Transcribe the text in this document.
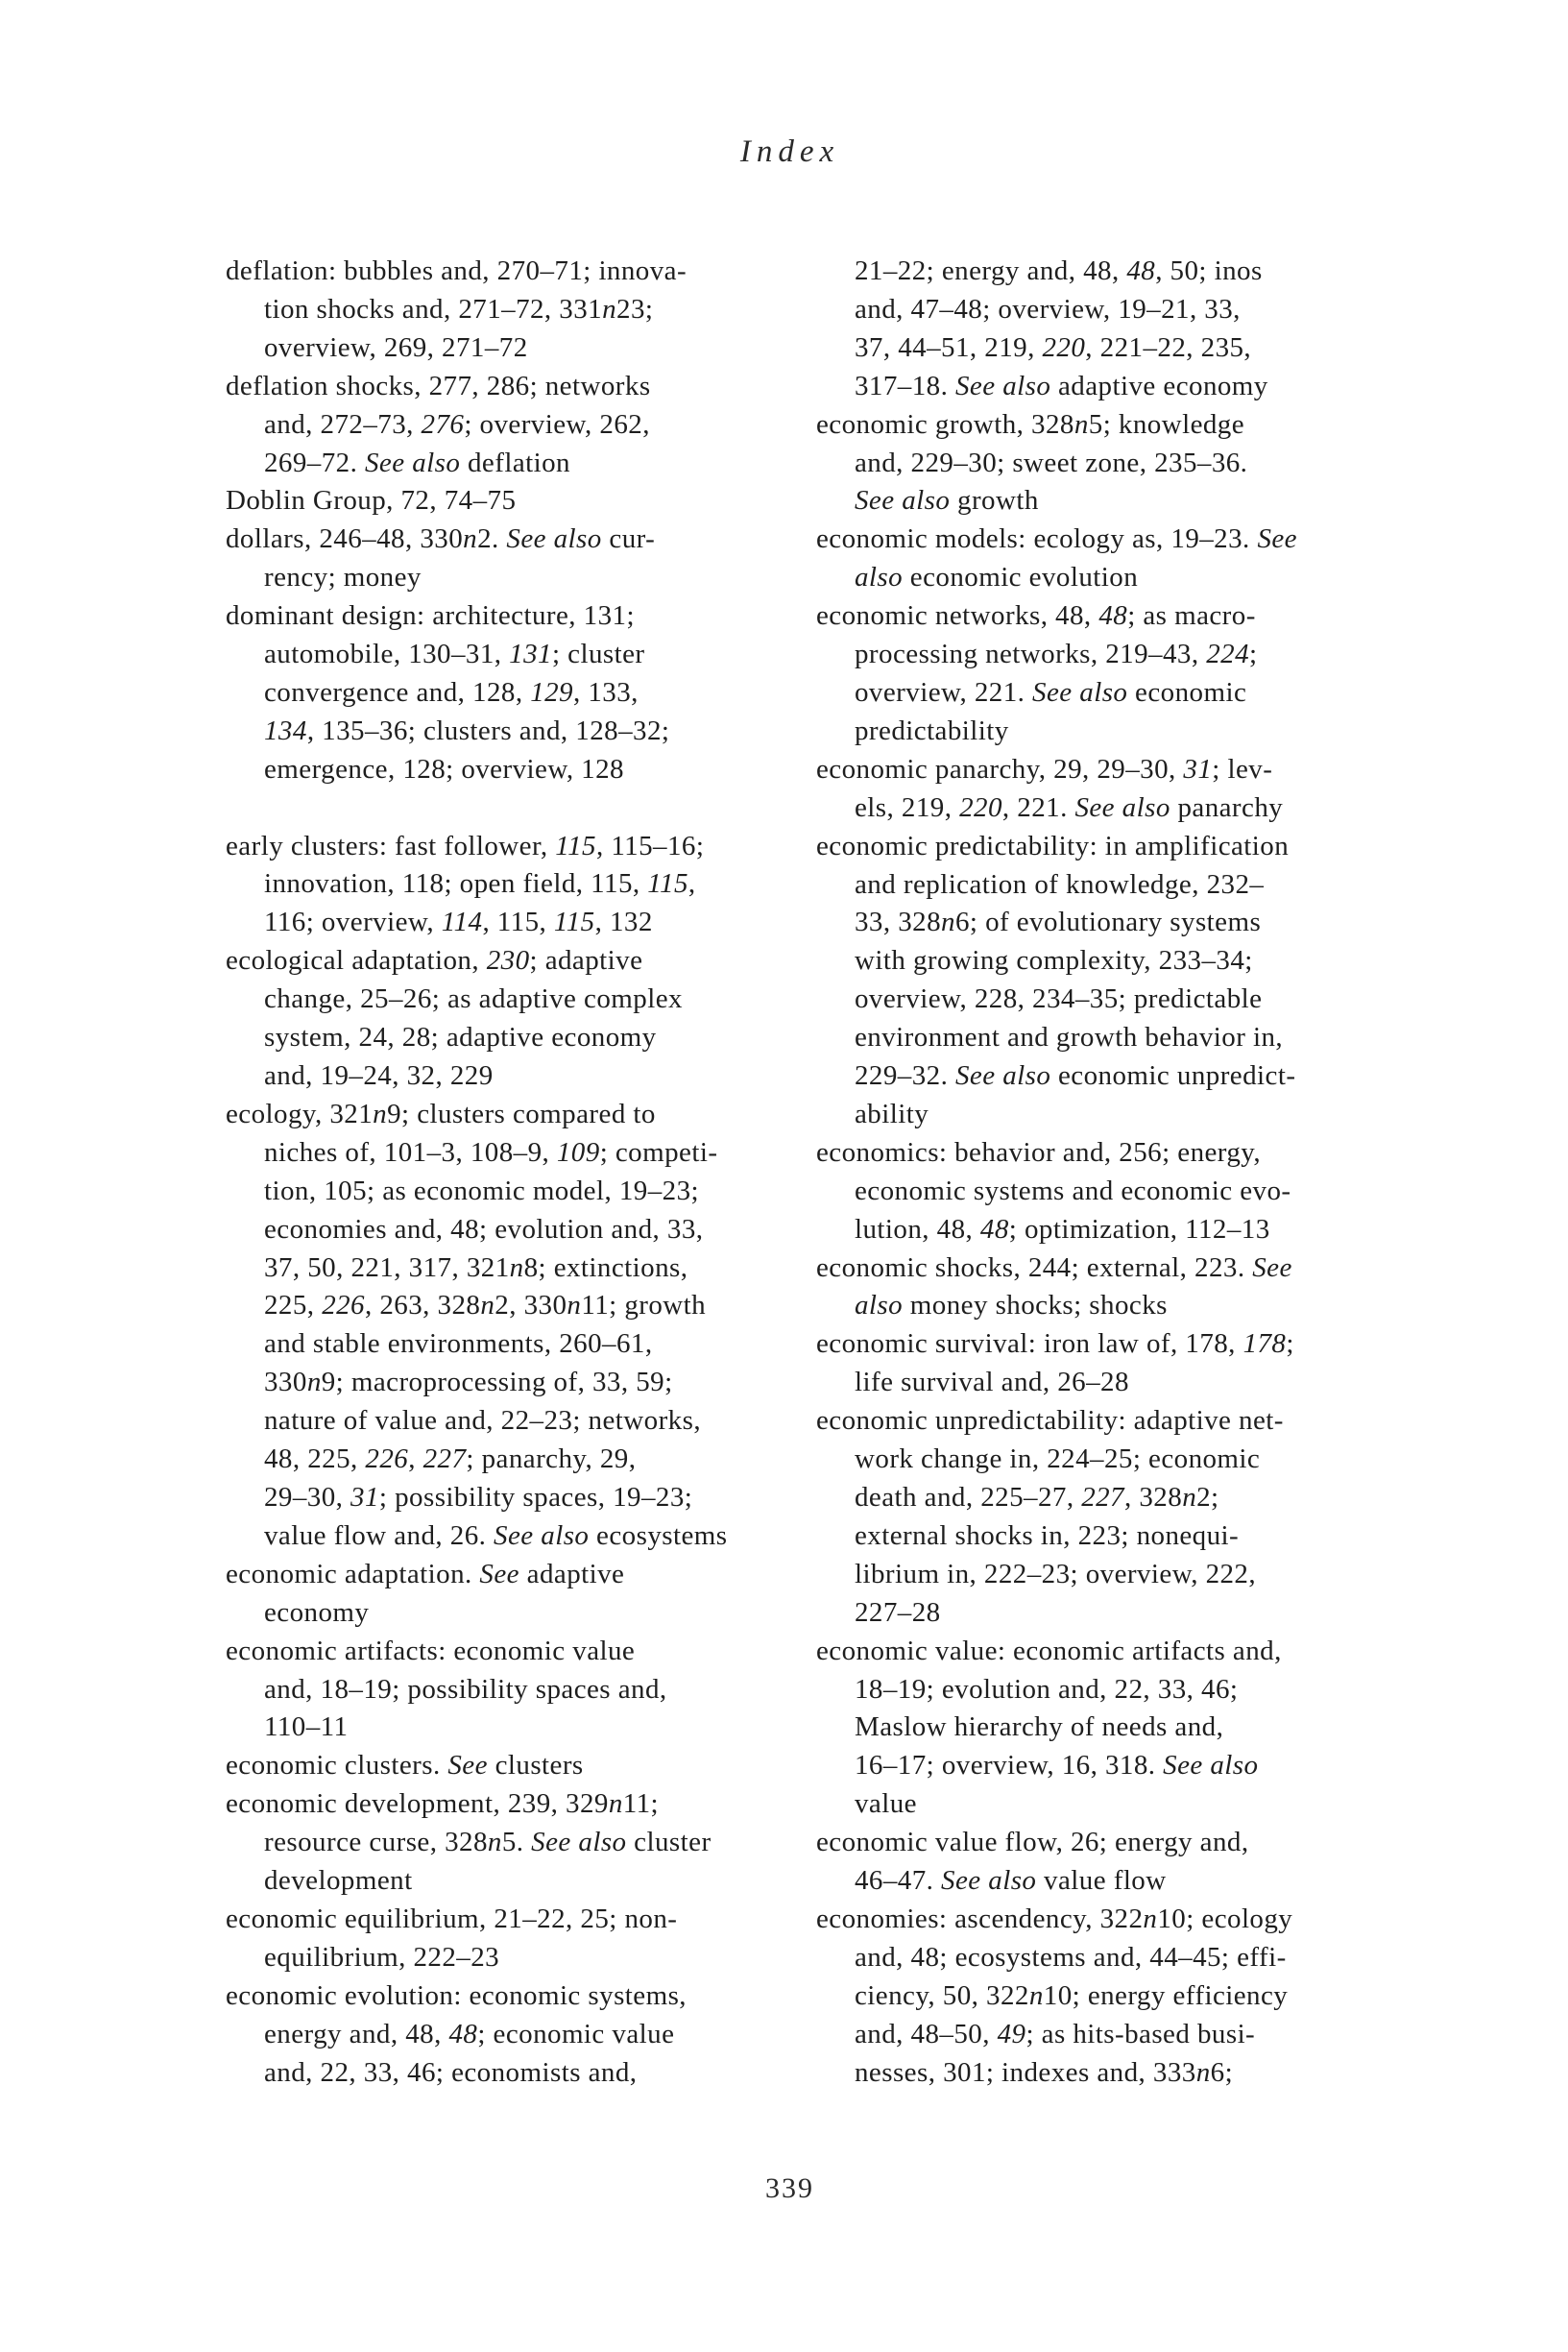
Index
deflation: bubbles and, 270–71; innova-
tion shocks and, 271–72, 331n23;
overview, 269, 271–72
deflation shocks, 277, 286; networks
and, 272–73, 276; overview, 262,
269–72. See also deflation
Doblin Group, 72, 74–75
dollars, 246–48, 330n2. See also cur-
rency; money
dominant design: architecture, 131;
automobile, 130–31, 131; cluster
convergence and, 128, 129, 133,
134, 135–36; clusters and, 128–32;
emergence, 128; overview, 128
early clusters: fast follower, 115, 115–16;
innovation, 118; open field, 115, 115,
116; overview, 114, 115, 115, 132
ecological adaptation, 230; adaptive
change, 25–26; as adaptive complex
system, 24, 28; adaptive economy
and, 19–24, 32, 229
ecology, 321n9; clusters compared to
niches of, 101–3, 108–9, 109; competi-
tion, 105; as economic model, 19–23;
economies and, 48; evolution and, 33,
37, 50, 221, 317, 321n8; extinctions,
225, 226, 263, 328n2, 330n11; growth
and stable environments, 260–61,
330n9; macroprocessing of, 33, 59;
nature of value and, 22–23; networks,
48, 225, 226, 227; panarchy, 29,
29–30, 31; possibility spaces, 19–23;
value flow and, 26. See also ecosystems
economic adaptation. See adaptive
economy
economic artifacts: economic value
and, 18–19; possibility spaces and,
110–11
economic clusters. See clusters
economic development, 239, 329n11;
resource curse, 328n5. See also cluster
development
economic equilibrium, 21–22, 25; non-
equilibrium, 222–23
economic evolution: economic systems,
energy and, 48, 48; economic value
and, 22, 33, 46; economists and,
21–22; energy and, 48, 48, 50; inos
and, 47–48; overview, 19–21, 33,
37, 44–51, 219, 220, 221–22, 235,
317–18. See also adaptive economy
economic growth, 328n5; knowledge
and, 229–30; sweet zone, 235–36.
See also growth
economic models: ecology as, 19–23. See
also economic evolution
economic networks, 48, 48; as macro-
processing networks, 219–43, 224;
overview, 221. See also economic
predictability
economic panarchy, 29, 29–30, 31; lev-
els, 219, 220, 221. See also panarchy
economic predictability: in amplification
and replication of knowledge, 232–
33, 328n6; of evolutionary systems
with growing complexity, 233–34;
overview, 228, 234–35; predictable
environment and growth behavior in,
229–32. See also economic unpredict-
ability
economics: behavior and, 256; energy,
economic systems and economic evo-
lution, 48, 48; optimization, 112–13
economic shocks, 244; external, 223. See
also money shocks; shocks
economic survival: iron law of, 178, 178;
life survival and, 26–28
economic unpredictability: adaptive net-
work change in, 224–25; economic
death and, 225–27, 227, 328n2;
external shocks in, 223; nonequi-
librium in, 222–23; overview, 222,
227–28
economic value: economic artifacts and,
18–19; evolution and, 22, 33, 46;
Maslow hierarchy of needs and,
16–17; overview, 16, 318. See also
value
economic value flow, 26; energy and,
46–47. See also value flow
economies: ascendency, 322n10; ecology
and, 48; ecosystems and, 44–45; effi-
ciency, 50, 322n10; energy efficiency
and, 48–50, 49; as hits-based busi-
nesses, 301; indexes and, 333n6;
339
